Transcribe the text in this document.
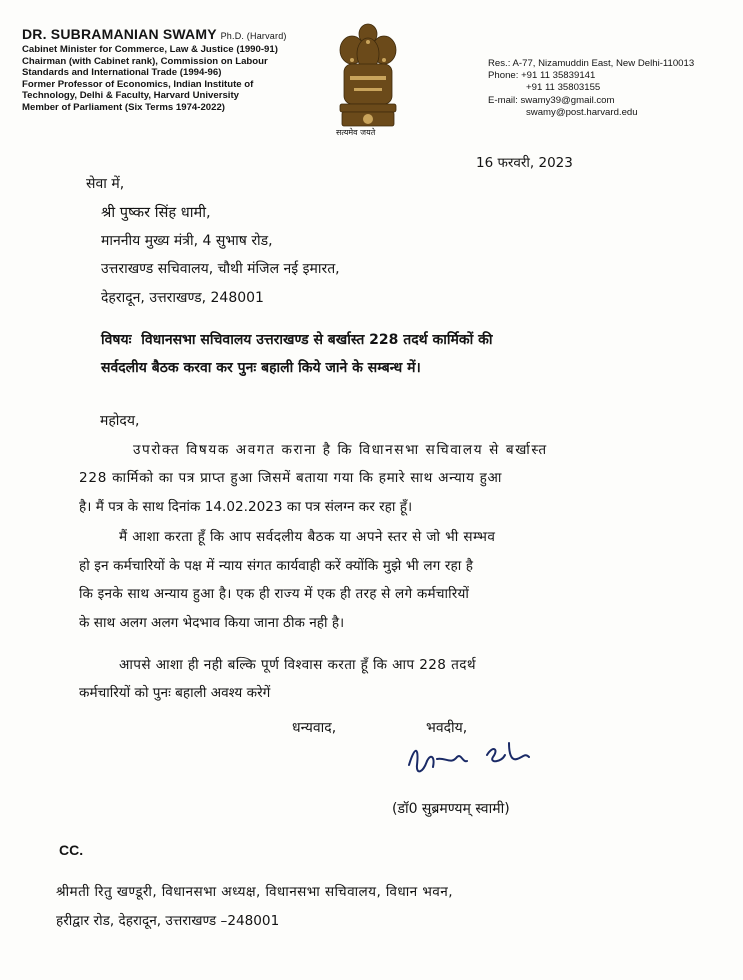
DR. SUBRAMANIAN SWAMY Ph.D. (Harvard)
Cabinet Minister for Commerce, Law & Justice (1990-91)
Chairman (with Cabinet rank), Commission on Labour
Standards and International Trade (1994-96)
Former Professor of Economics, Indian Institute of
Technology, Delhi & Faculty, Harvard University
Member of Parliament (Six Terms 1974-2022)
सत्यमेव जयते
Res.: A-77, Nizamuddin East, New Delhi-110013
Phone: +91 11 35839141
+91 11 35803155
E-mail: swamy39@gmail.com
swamy@post.harvard.edu
16 फरवरी, 2023
सेवा में,
श्री पुष्कर सिंह धामी,
माननीय मुख्य मंत्री, 4 सुभाष रोड,
उत्तराखण्ड सचिवालय, चौथी मंजिल नई इमारत,
देहरादून, उत्तराखण्ड, 248001
विषयः विधानसभा सचिवालय उत्तराखण्ड से बर्खास्त 228 तदर्थ कार्मिकों की
सर्वदलीय बैठक करवा कर पुनः बहाली किये जाने के सम्बन्ध में।
महोदय,
उपरोक्त विषयक अवगत कराना है कि विधानसभा सचिवालय से बर्खास्त
228 कार्मिको का पत्र प्राप्त हुआ जिसमें बताया गया कि हमारे साथ अन्याय हुआ
है। मैं पत्र के साथ दिनांक 14.02.2023 का पत्र संलग्न कर रहा हूँ।
मैं आशा करता हूँ कि आप सर्वदलीय बैठक या अपने स्तर से जो भी सम्भव
हो इन कर्मचारियों के पक्ष में न्याय संगत कार्यवाही करें क्योंकि मुझे भी लग रहा है
कि इनके साथ अन्याय हुआ है। एक ही राज्य में एक ही तरह से लगे कर्मचारियों
के साथ अलग अलग भेदभाव किया जाना ठीक नही है।
आपसे आशा ही नही बल्कि पूर्ण विश्वास करता हूँ कि आप 228 तदर्थ
कर्मचारियों को पुनः बहाली अवश्य करेगें
धन्यवाद,	भवदीय,
(डॉ0 सुब्रमण्यम् स्वामी)
CC.
श्रीमती रितु खण्डूरी, विधानसभा अध्यक्ष, विधानसभा सचिवालय, विधान भवन,
हरीद्वार रोड, देहरादून, उत्तराखण्ड –248001
